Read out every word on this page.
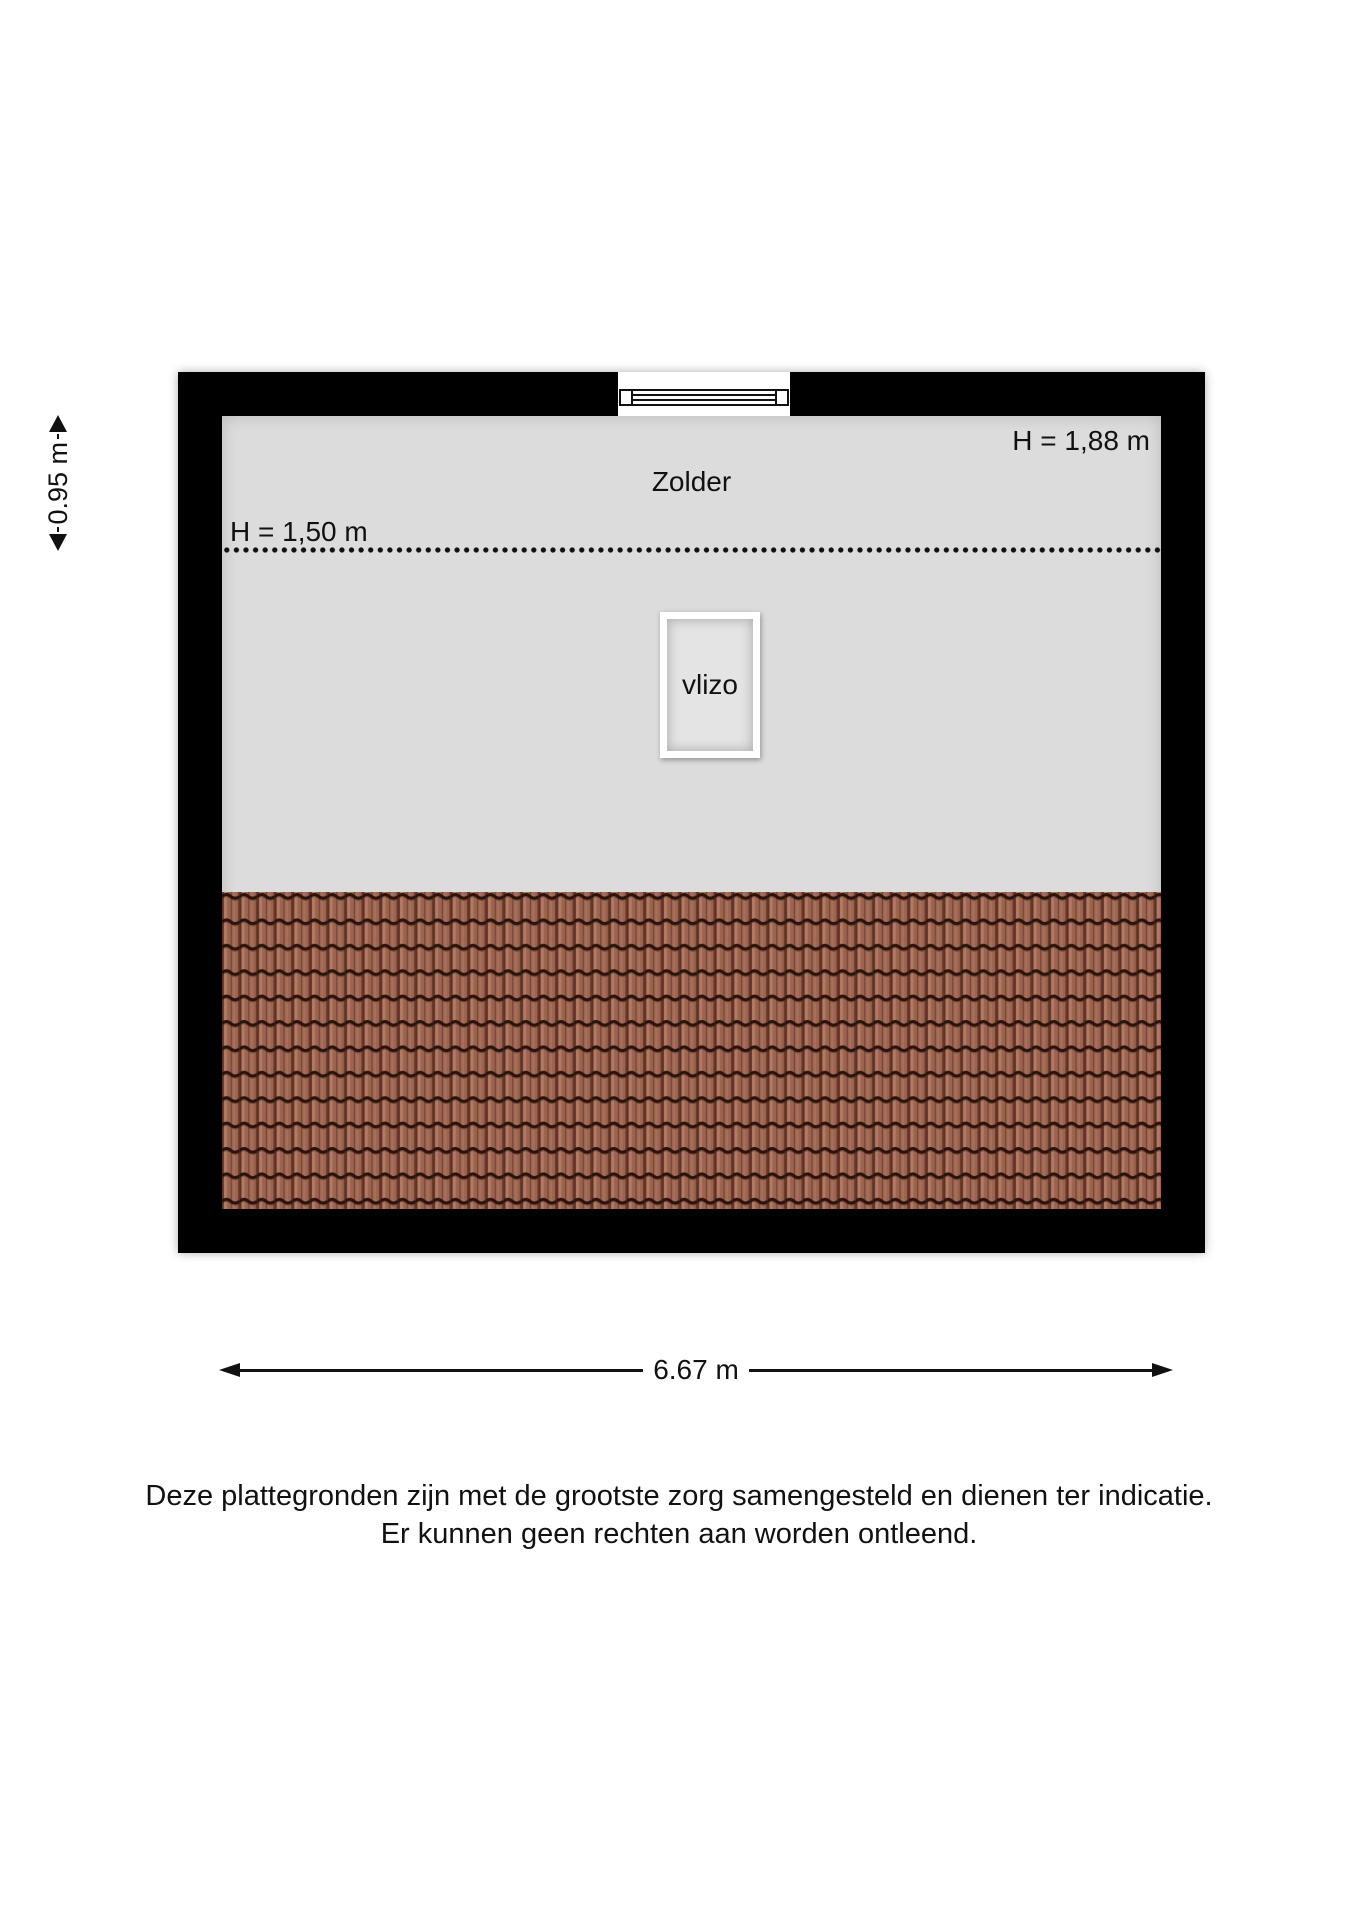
0.95 m
H = 1,88 m
Zolder
H = 1,50 m
vlizo
6.67 m
Deze plattegronden zijn met de grootste zorg samengesteld en dienen ter indicatie.
Er kunnen geen rechten aan worden ontleend.
